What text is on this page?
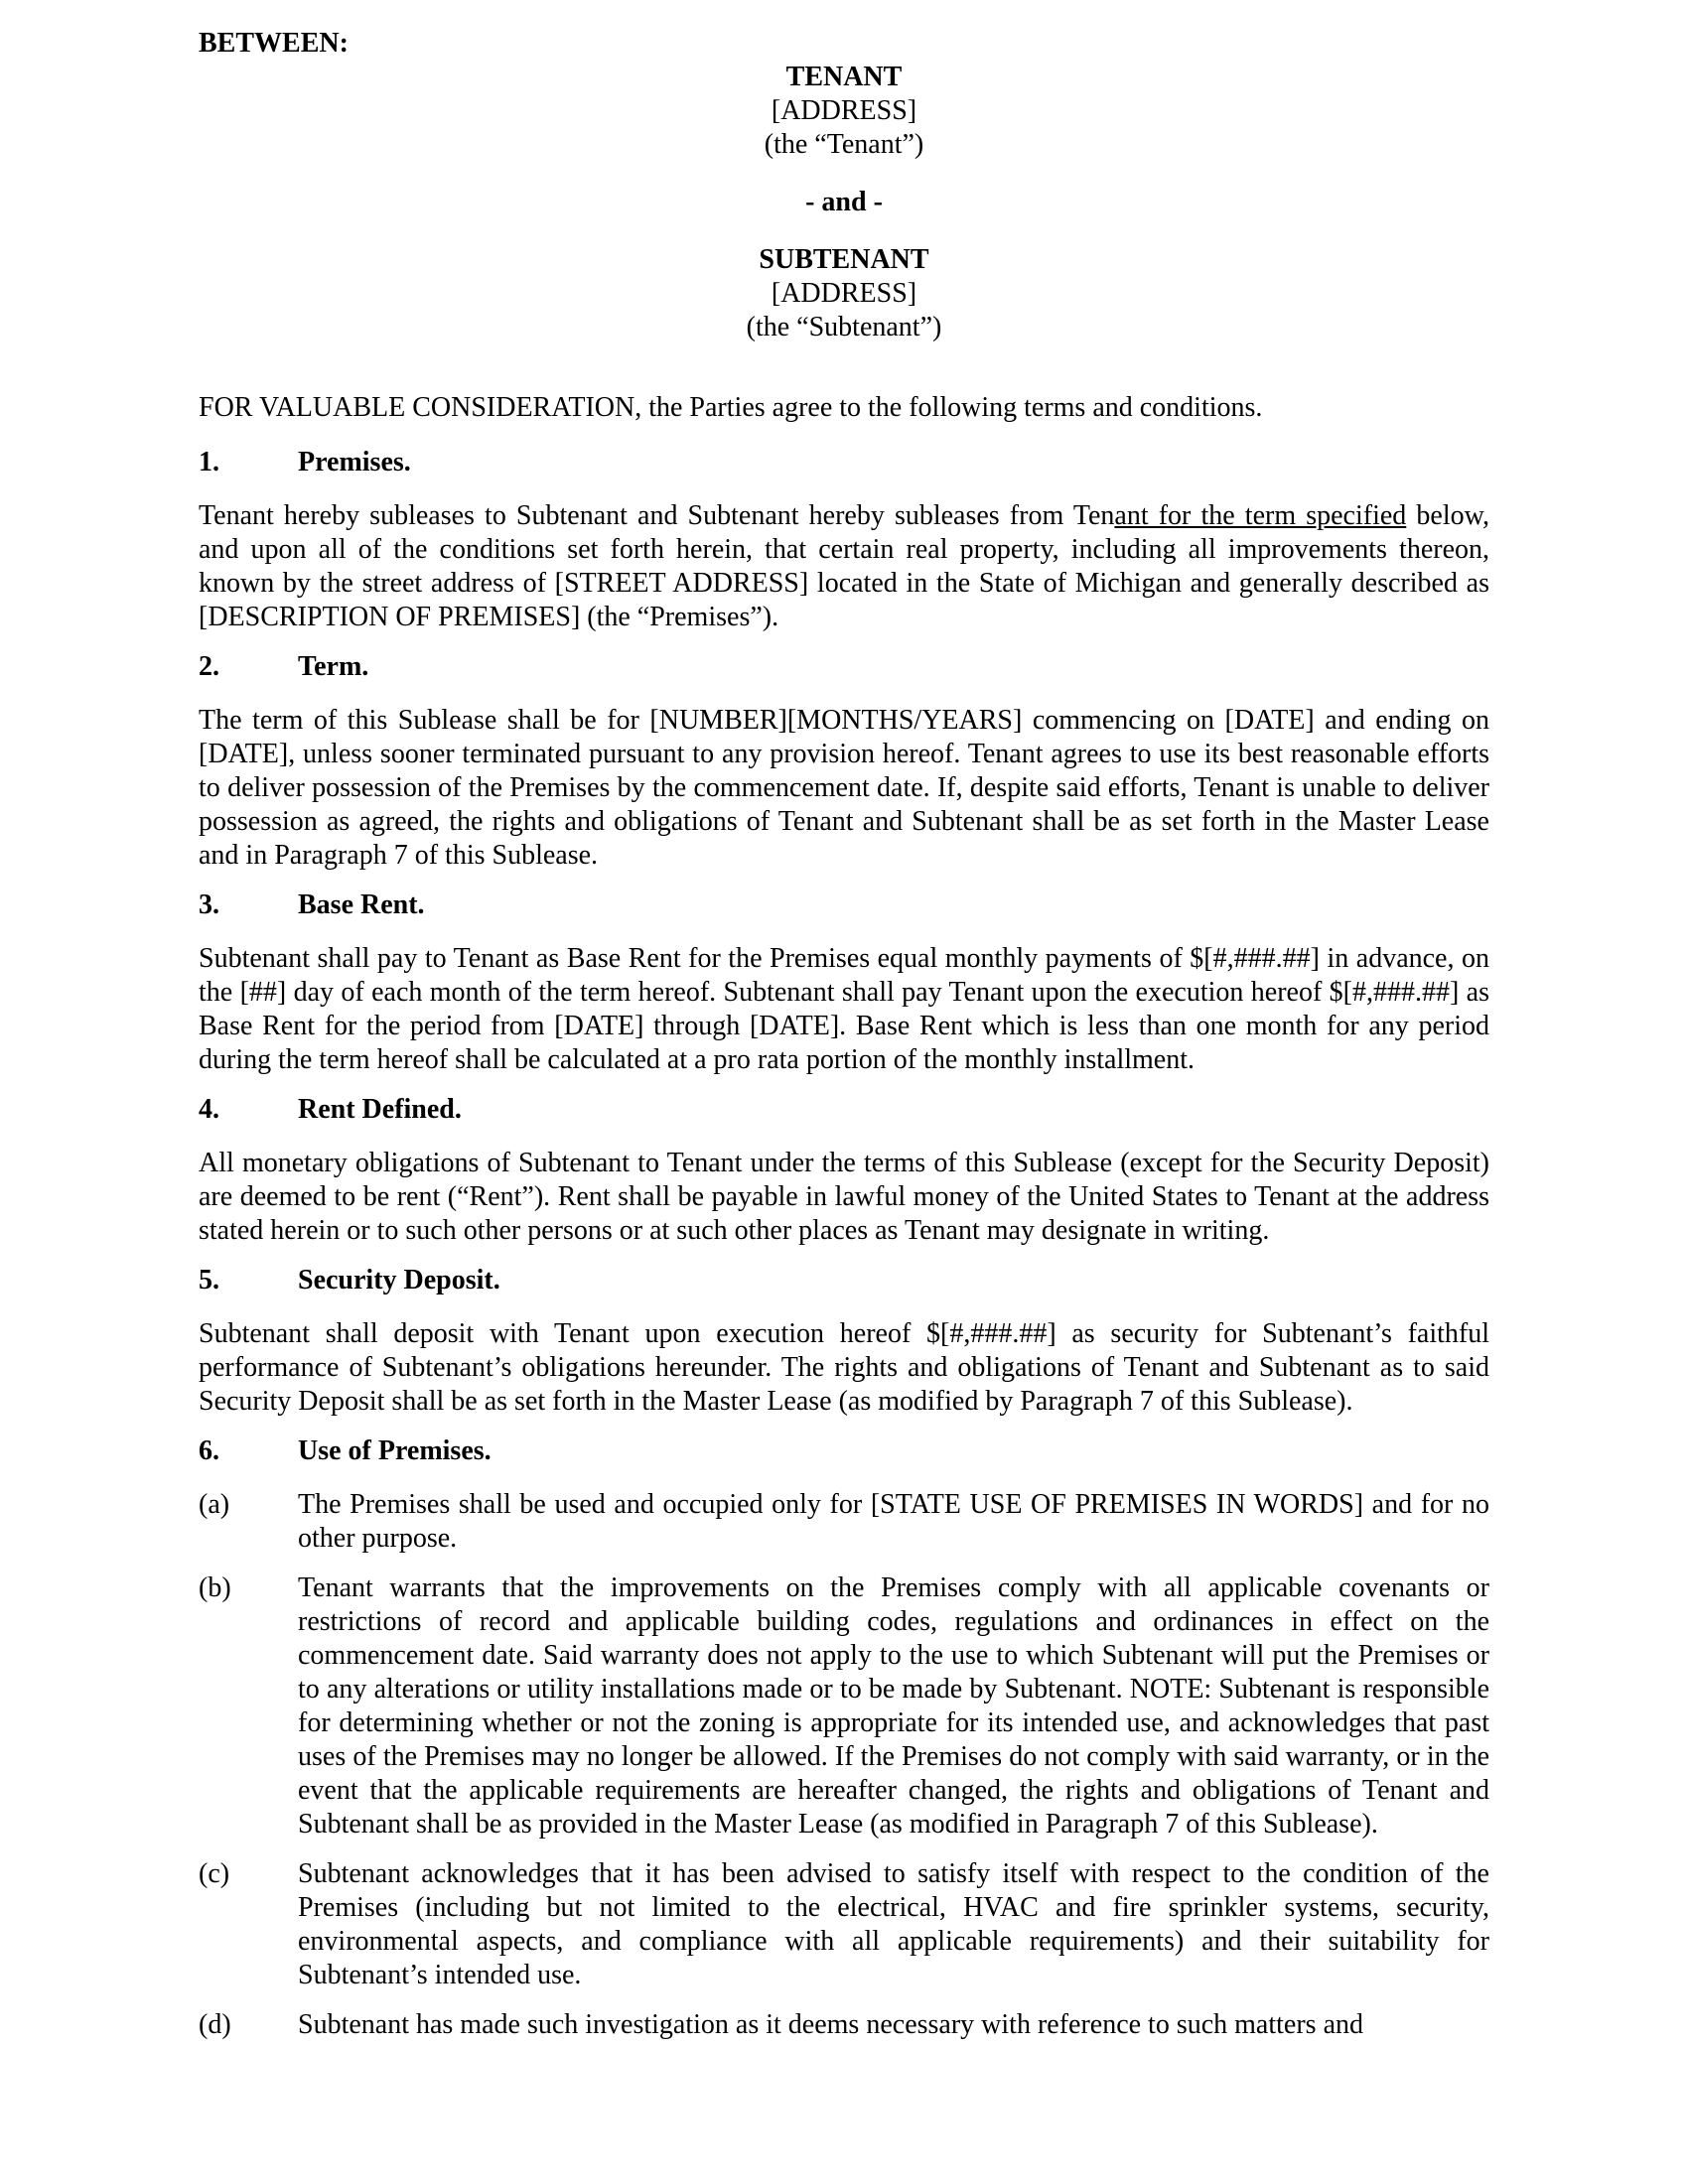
BETWEEN:
TENANT
[ADDRESS]
(the “Tenant”)
- and -
SUBTENANT
[ADDRESS]
(the “Subtenant”)

FOR VALUABLE CONSIDERATION, the Parties agree to the following terms and conditions.

1.	Premises.

Tenant hereby subleases to Subtenant and Subtenant hereby subleases from Tenant for the term specified below, and upon all of the conditions set forth herein, that certain real property, including all improvements thereon, known by the street address of [STREET ADDRESS] located in the State of Michigan and generally described as [DESCRIPTION OF PREMISES] (the “Premises”).

2.	Term.

The term of this Sublease shall be for [NUMBER][MONTHS/YEARS] commencing on [DATE] and ending on [DATE], unless sooner terminated pursuant to any provision hereof. Tenant agrees to use its best reasonable efforts to deliver possession of the Premises by the commencement date. If, despite said efforts, Tenant is unable to deliver possession as agreed, the rights and obligations of Tenant and Subtenant shall be as set forth in the Master Lease and in Paragraph 7 of this Sublease.

3.	Base Rent.

Subtenant shall pay to Tenant as Base Rent for the Premises equal monthly payments of $[#,###.##] in advance, on the [##] day of each month of the term hereof. Subtenant shall pay Tenant upon the execution hereof $[#,###.##] as Base Rent for the period from [DATE] through [DATE]. Base Rent which is less than one month for any period during the term hereof shall be calculated at a pro rata portion of the monthly installment.

4.	Rent Defined.

All monetary obligations of Subtenant to Tenant under the terms of this Sublease (except for the Security Deposit) are deemed to be rent (“Rent”). Rent shall be payable in lawful money of the United States to Tenant at the address stated herein or to such other persons or at such other places as Tenant may designate in writing.

5.	Security Deposit.

Subtenant shall deposit with Tenant upon execution hereof $[#,###.##] as security for Subtenant’s faithful performance of Subtenant’s obligations hereunder. The rights and obligations of Tenant and Subtenant as to said Security Deposit shall be as set forth in the Master Lease (as modified by Paragraph 7 of this Sublease).

6.	Use of Premises.
(a)	The Premises shall be used and occupied only for [STATE USE OF PREMISES IN WORDS] and for no other purpose.
(b)	Tenant warrants that the improvements on the Premises comply with all applicable covenants or restrictions of record and applicable building codes, regulations and ordinances in effect on the commencement date. Said warranty does not apply to the use to which Subtenant will put the Premises or to any alterations or utility installations made or to be made by Subtenant. NOTE: Subtenant is responsible for determining whether or not the zoning is appropriate for its intended use, and acknowledges that past uses of the Premises may no longer be allowed. If the Premises do not comply with said warranty, or in the event that the applicable requirements are hereafter changed, the rights and obligations of Tenant and Subtenant shall be as provided in the Master Lease (as modified in Paragraph 7 of this Sublease).
(c)	Subtenant acknowledges that it has been advised to satisfy itself with respect to the condition of the Premises (including but not limited to the electrical, HVAC and fire sprinkler systems, security, environmental aspects, and compliance with all applicable requirements) and their suitability for Subtenant’s intended use.
(d)	Subtenant has made such investigation as it deems necessary with reference to such matters and
